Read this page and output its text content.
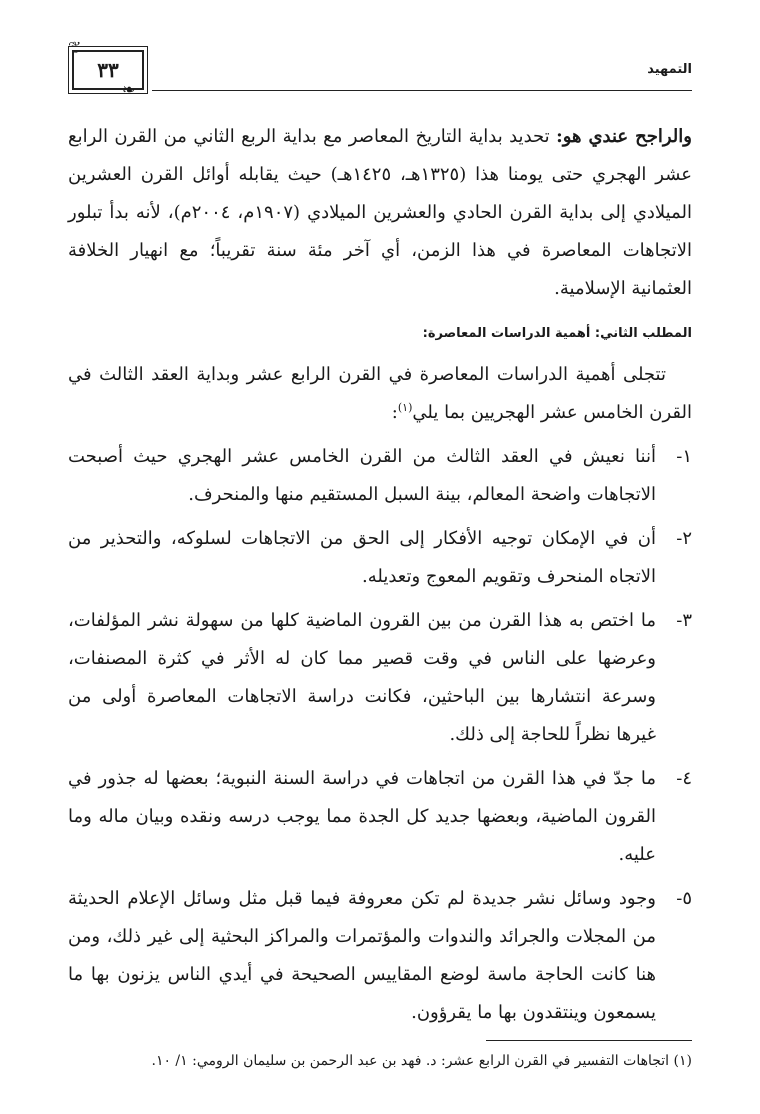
❦
٣٣
❧
التمهيد

والراجح عندي هو: تحديد بداية التاريخ المعاصر مع بداية الربع الثاني من القرن الرابع عشر الهجري حتى يومنا هذا (١٣٢٥هـ، ١٤٢٥هـ) حيث يقابله أوائل القرن العشرين الميلادي إلى بداية القرن الحادي والعشرين الميلادي (١٩٠٧م، ٢٠٠٤م)، لأنه بدأ تبلور الاتجاهات المعاصرة في هذا الزمن، أي آخر مئة سنة تقريباً؛ مع انهيار الخلافة العثمانية الإسلامية.

المطلب الثاني: أهمية الدراسات المعاصرة:

تتجلى أهمية الدراسات المعاصرة في القرن الرابع عشر وبداية العقد الثالث في القرن الخامس عشر الهجريين بما يلي$^{(١)}$:

١-

أننا نعيش في العقد الثالث من القرن الخامس عشر الهجري حيث أصبحت الاتجاهات واضحة المعالم، بينة السبل المستقيم منها والمنحرف.

٢-

أن في الإمكان توجيه الأفكار إلى الحق من الاتجاهات لسلوكه، والتحذير من الاتجاه المنحرف وتقويم المعوج وتعديله.

٣-

ما اختص به هذا القرن من بين القرون الماضية كلها من سهولة نشر المؤلفات، وعرضها على الناس في وقت قصير مما كان له الأثر في كثرة المصنفات، وسرعة انتشارها بين الباحثين، فكانت دراسة الاتجاهات المعاصرة أولى من غيرها نظراً للحاجة إلى ذلك.

٤-

ما جدّ في هذا القرن من اتجاهات في دراسة السنة النبوية؛ بعضها له جذور في القرون الماضية، وبعضها جديد كل الجدة مما يوجب درسه ونقده وبيان ماله وما عليه.

٥-

وجود وسائل نشر جديدة لم تكن معروفة فيما قبل مثل وسائل الإعلام الحديثة من المجلات والجرائد والندوات والمؤتمرات والمراكز البحثية إلى غير ذلك، ومن هنا كانت الحاجة ماسة لوضع المقاييس الصحيحة في أيدي الناس يزنون بها ما يسمعون وينتقدون بها ما يقرؤون.

(١) اتجاهات التفسير في القرن الرابع عشر: د. فهد بن عبد الرحمن بن سليمان الرومي: ١/ ١٠.
